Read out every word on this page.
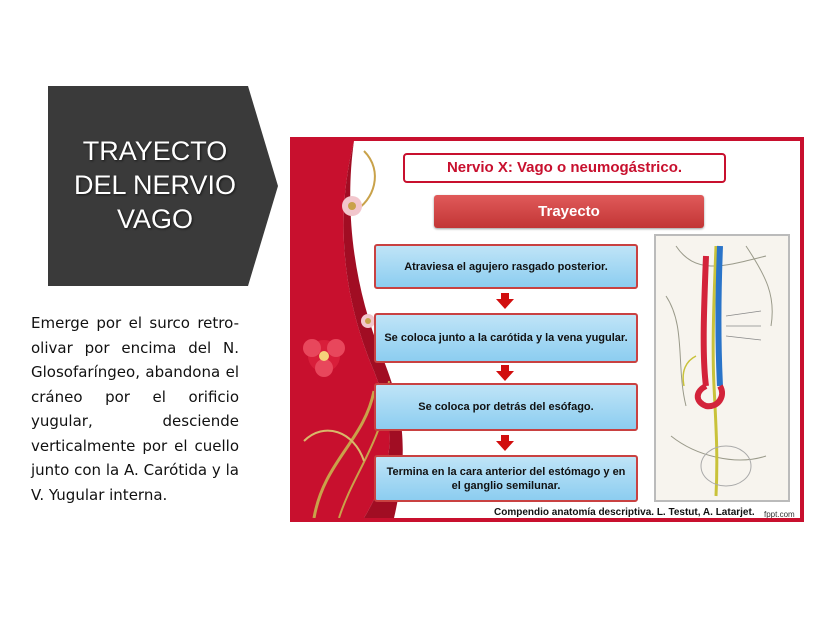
TRAYECTO
DEL NERVIO
VAGO

Emerge por el surco retro-olivar por encima del N. Glosofaríngeo, abandona el cráneo por el orificio yugular, desciende verticalmente por el cuello junto con la A. Carótida y la V. Yugular interna.

Nervio X: Vago o neumogástrico.
Trayecto
Atraviesa el agujero rasgado posterior.
Se coloca junto a la carótida y la vena yugular.
Se coloca por detrás del esófago.
Termina en la cara anterior del estómago y en el ganglio semilunar.
Compendio anatomía descriptiva. L. Testut, A. Latarjet. fppt.com
